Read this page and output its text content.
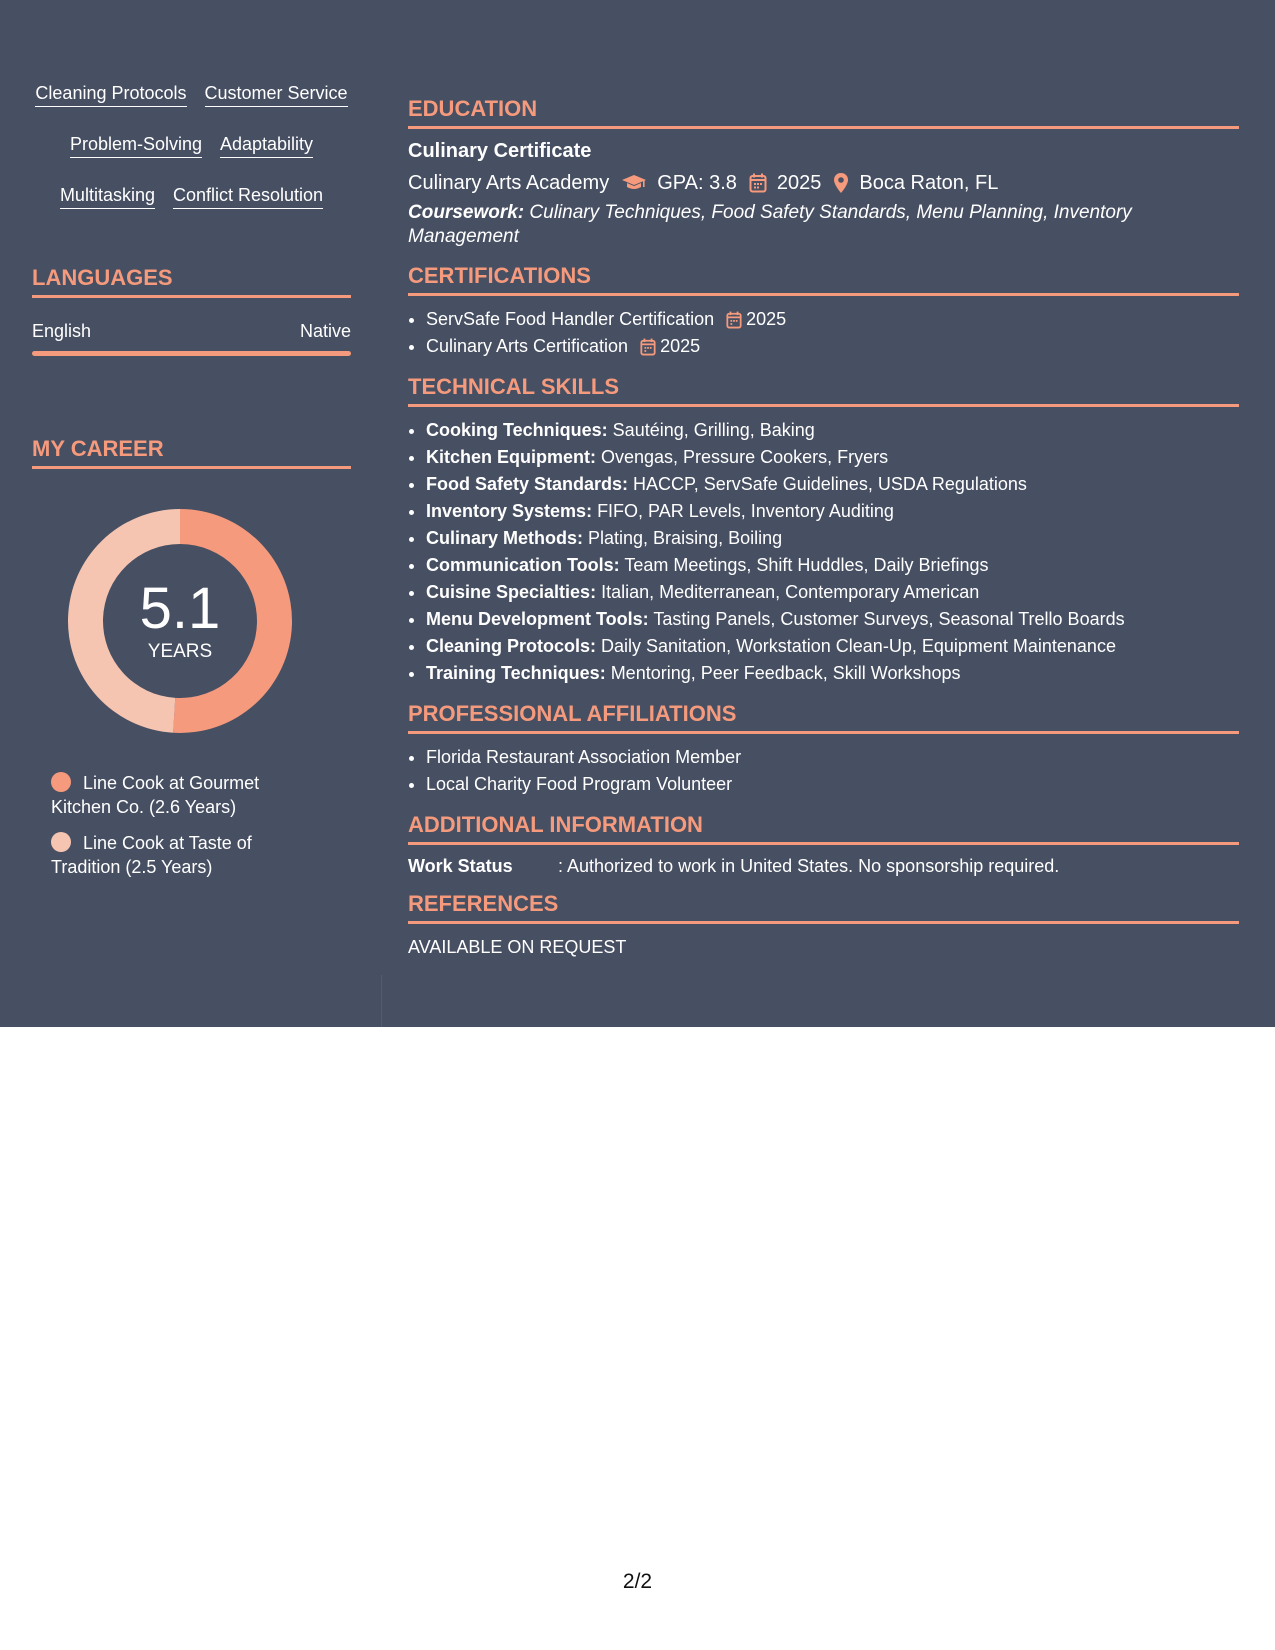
Cleaning Protocols Customer Service
Problem-Solving Adaptability
Multitasking Conflict Resolution
LANGUAGES
English	Native
MY CAREER
5.1
YEARS
Line Cook at Gourmet Kitchen Co. (2.6 Years)
Line Cook at Taste of Tradition (2.5 Years)
EDUCATION
Culinary Certificate
Culinary Arts Academy GPA: 3.8 2025 Boca Raton, FL
Coursework: Culinary Techniques, Food Safety Standards, Menu Planning, Inventory Management
CERTIFICATIONS
• ServSafe Food Handler Certification 2025
• Culinary Arts Certification 2025
TECHNICAL SKILLS
• Cooking Techniques: Sautéing, Grilling, Baking
• Kitchen Equipment: Ovengas, Pressure Cookers, Fryers
• Food Safety Standards: HACCP, ServSafe Guidelines, USDA Regulations
• Inventory Systems: FIFO, PAR Levels, Inventory Auditing
• Culinary Methods: Plating, Braising, Boiling
• Communication Tools: Team Meetings, Shift Huddles, Daily Briefings
• Cuisine Specialties: Italian, Mediterranean, Contemporary American
• Menu Development Tools: Tasting Panels, Customer Surveys, Seasonal Trello Boards
• Cleaning Protocols: Daily Sanitation, Workstation Clean-Up, Equipment Maintenance
• Training Techniques: Mentoring, Peer Feedback, Skill Workshops
PROFESSIONAL AFFILIATIONS
• Florida Restaurant Association Member
• Local Charity Food Program Volunteer
ADDITIONAL INFORMATION
Work Status	: Authorized to work in United States. No sponsorship required.
REFERENCES
AVAILABLE ON REQUEST
2/2
